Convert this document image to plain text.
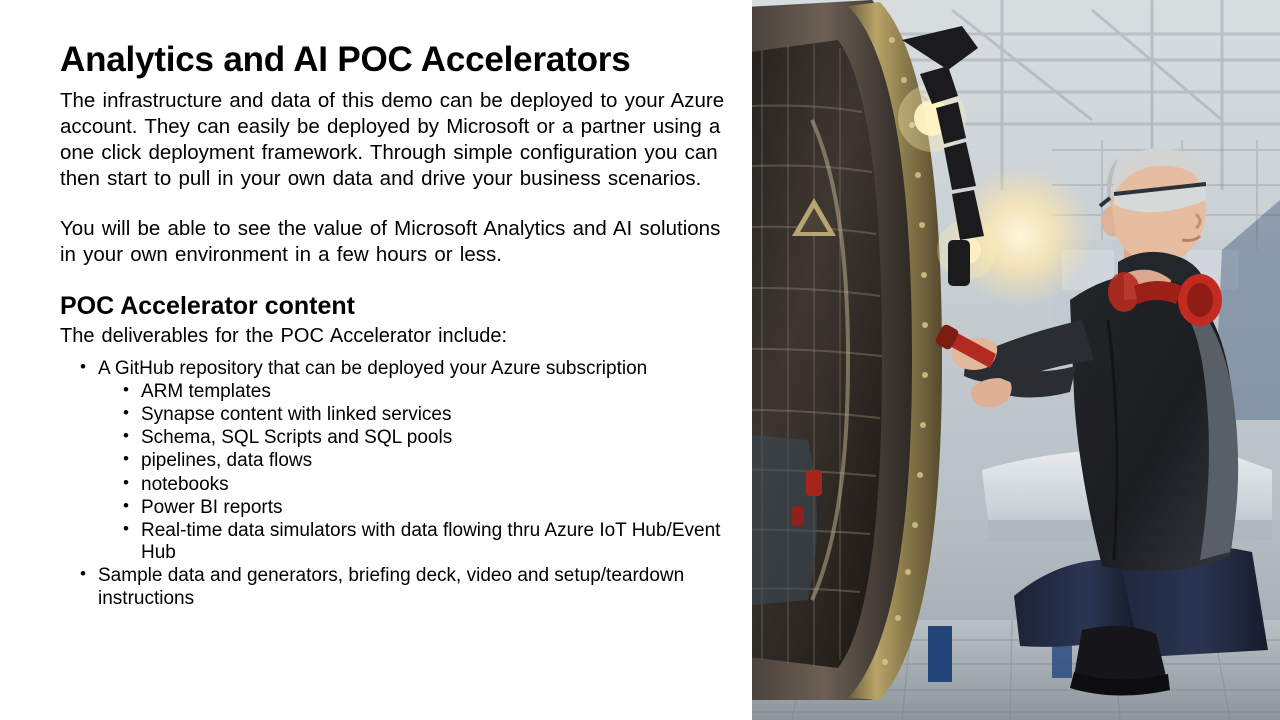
Analytics and AI POC Accelerators

The infrastructure and data of this demo can be deployed to your Azure account. They can easily be deployed by Microsoft or a partner using a one click deployment framework. Through simple configuration you can then start to pull in your own data and drive your business scenarios.

You will be able to see the value of Microsoft Analytics and AI solutions in your own environment in a few hours or less.

POC Accelerator content

The deliverables for the POC Accelerator include:

• A GitHub repository that can be deployed your Azure subscription
• ARM templates
• Synapse content with linked services
• Schema, SQL Scripts and SQL pools
• pipelines, data flows
• notebooks
• Power BI reports
• Real-time data simulators with data flowing thru Azure IoT Hub/Event Hub
• Sample data and generators, briefing deck, video and setup/teardown instructions
